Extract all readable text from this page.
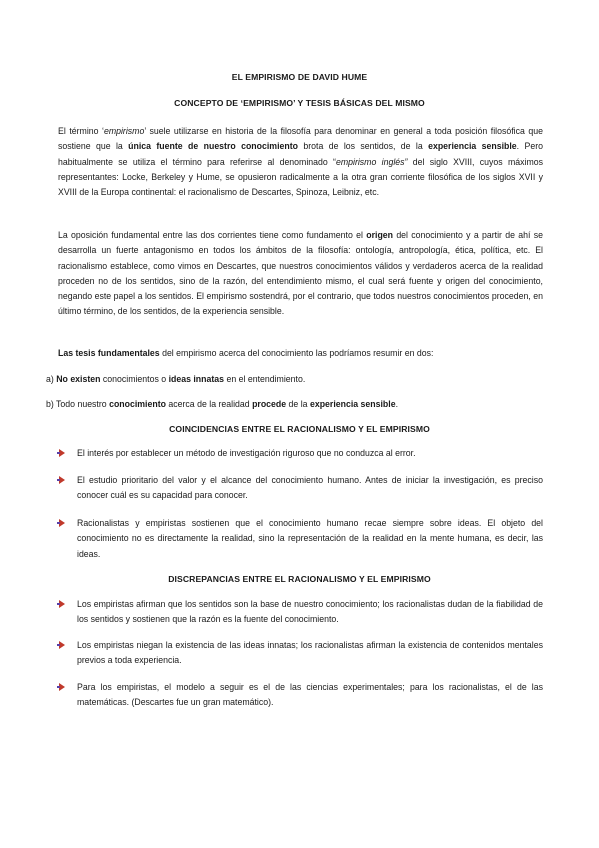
EL EMPIRISMO DE DAVID HUME
CONCEPTO DE ‘EMPIRISMO’ Y TESIS BÁSICAS DEL MISMO
El término ‘empirismo’ suele utilizarse en historia de la filosofía para denominar en general a toda posición filosófica que sostiene que la única fuente de nuestro conocimiento brota de los sentidos, de la experiencia sensible. Pero habitualmente se utiliza el término para referirse al denominado “empirismo inglés” del siglo XVIII, cuyos máximos representantes: Locke, Berkeley y Hume, se opusieron radicalmente a la otra gran corriente filosófica de los siglos XVII y XVIII de la Europa continental: el racionalismo de Descartes, Spinoza, Leibniz, etc.
La oposición fundamental entre las dos corrientes tiene como fundamento el origen del conocimiento y a partir de ahí se desarrolla un fuerte antagonismo en todos los ámbitos de la filosofía: ontología, antropología, ética, política, etc. El racionalismo establece, como vimos en Descartes, que nuestros conocimientos válidos y verdaderos acerca de la realidad proceden no de los sentidos, sino de la razón, del entendimiento mismo, el cual será fuente y origen del conocimiento, negando este papel a los sentidos. El empirismo sostendrá, por el contrario, que todos nuestros conocimientos proceden, en último término, de los sentidos, de la experiencia sensible.
Las tesis fundamentales del empirismo acerca del conocimiento las podríamos resumir en dos:
a) No existen conocimientos o ideas innatas en el entendimiento.
b) Todo nuestro conocimiento acerca de la realidad procede de la experiencia sensible.
COINCIDENCIAS ENTRE EL RACIONALISMO Y EL EMPIRISMO
El interés por establecer un método de investigación riguroso que no conduzca al error.
El estudio prioritario del valor y el alcance del conocimiento humano. Antes de iniciar la investigación, es preciso conocer cuál es su capacidad para conocer.
Racionalistas y empiristas sostienen que el conocimiento humano recae siempre sobre ideas. El objeto del conocimiento no es directamente la realidad, sino la representación de la realidad en la mente humana, es decir, las ideas.
DISCREPANCIAS ENTRE EL RACIONALISMO Y EL EMPIRISMO
Los empiristas afirman que los sentidos son la base de nuestro conocimiento; los racionalistas dudan de la fiabilidad de los sentidos y sostienen que la razón es la fuente del conocimiento.
Los empiristas niegan la existencia de las ideas innatas; los racionalistas afirman la existencia de contenidos mentales previos a toda experiencia.
Para los empiristas, el modelo a seguir es el de las ciencias experimentales; para los racionalistas, el de las matemáticas. (Descartes fue un gran matemático).
